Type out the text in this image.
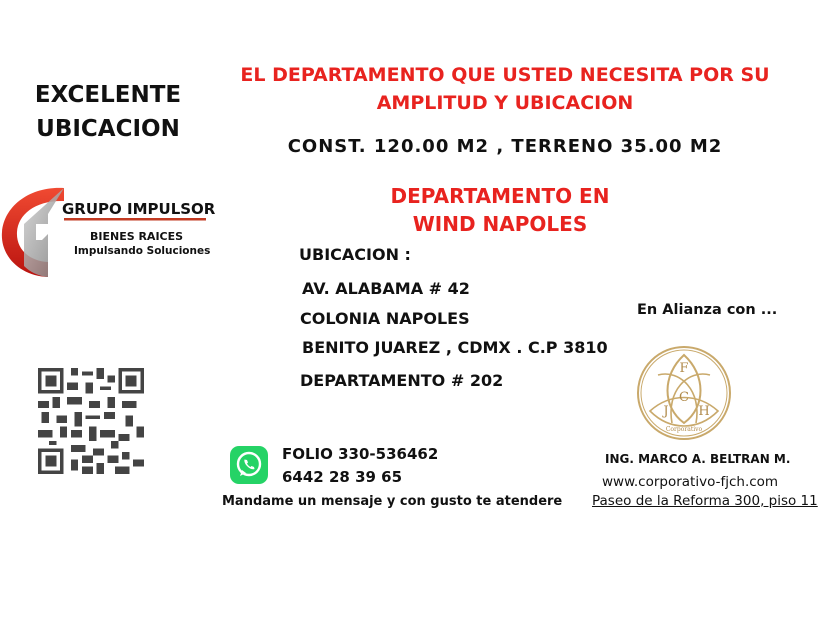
EXCELENTE
UBICACION
EL DEPARTAMENTO QUE USTED NECESITA POR SU
AMPLITUD Y UBICACION
CONST. 120.00 M2 , TERRENO 35.00 M2
DEPARTAMENTO EN
WIND NAPOLES
UBICACION :
AV. ALABAMA # 42
COLONIA NAPOLES
BENITO JUAREZ , CDMX . C.P 3810
DEPARTAMENTO # 202
GRUPO IMPULSOR
BIENES RAICES
Impulsando Soluciones
FOLIO 330-536462
6442 28 39 65
Mandame un mensaje y con gusto te atendere
En Alianza con ...
F
C
J H
Corporativo
ING. MARCO A. BELTRAN M.
www.corporativo-fjch.com
Paseo de la Reforma 300, piso 11
